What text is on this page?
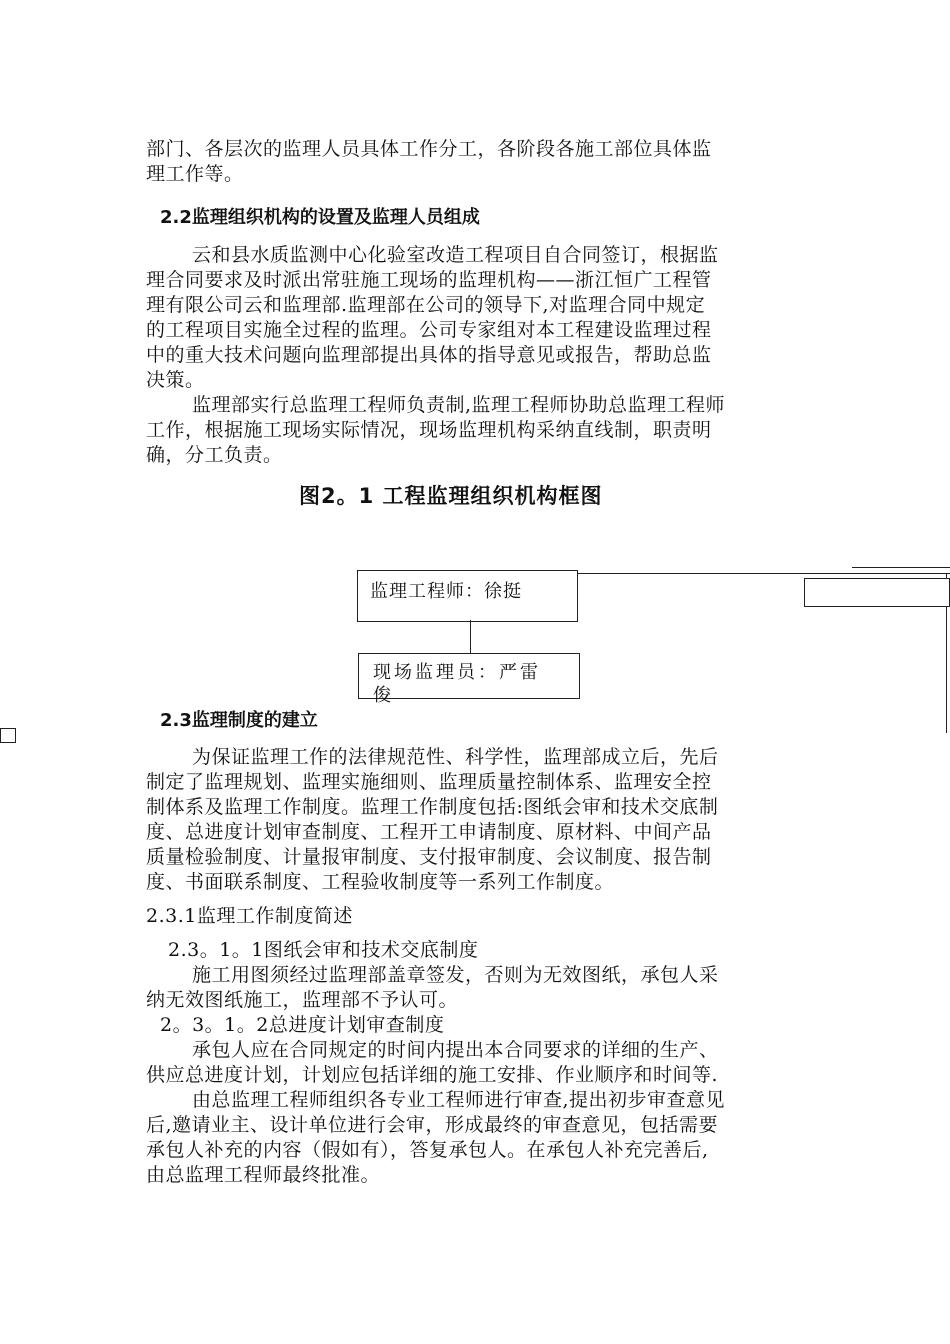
部门、各层次的监理人员具体工作分工，各阶段各施工部位具体监
理工作等。
2.2监理组织机构的设置及监理人员组成
云和县水质监测中心化验室改造工程项目自合同签订，根据监
理合同要求及时派出常驻施工现场的监理机构——浙江恒广工程管
理有限公司云和监理部.监理部在公司的领导下,对监理合同中规定
的工程项目实施全过程的监理。公司专家组对本工程建设监理过程
中的重大技术问题向监理部提出具体的指导意见或报告，帮助总监
决策。
监理部实行总监理工程师负责制,监理工程师协助总监理工程师
工作，根据施工现场实际情况，现场监理机构采纳直线制，职责明
确，分工负责。
图2。1 工程监理组织机构框图
监理工程师：徐挺
现场监理员：严雷
俊
2.3监理制度的建立
为保证监理工作的法律规范性、科学性，监理部成立后，先后
制定了监理规划、监理实施细则、监理质量控制体系、监理安全控
制体系及监理工作制度。监理工作制度包括:图纸会审和技术交底制
度、总进度计划审查制度、工程开工申请制度、原材料、中间产品
质量检验制度、计量报审制度、支付报审制度、会议制度、报告制
度、书面联系制度、工程验收制度等一系列工作制度。
2.3.1监理工作制度简述
2.3。1。1图纸会审和技术交底制度
施工用图须经过监理部盖章签发，否则为无效图纸，承包人采
纳无效图纸施工，监理部不予认可。
2。3。1。2总进度计划审查制度
承包人应在合同规定的时间内提出本合同要求的详细的生产、
供应总进度计划，计划应包括详细的施工安排、作业顺序和时间等.
由总监理工程师组织各专业工程师进行审查,提出初步审查意见
后,邀请业主、设计单位进行会审，形成最终的审查意见，包括需要
承包人补充的内容（假如有），答复承包人。在承包人补充完善后,
由总监理工程师最终批准。
